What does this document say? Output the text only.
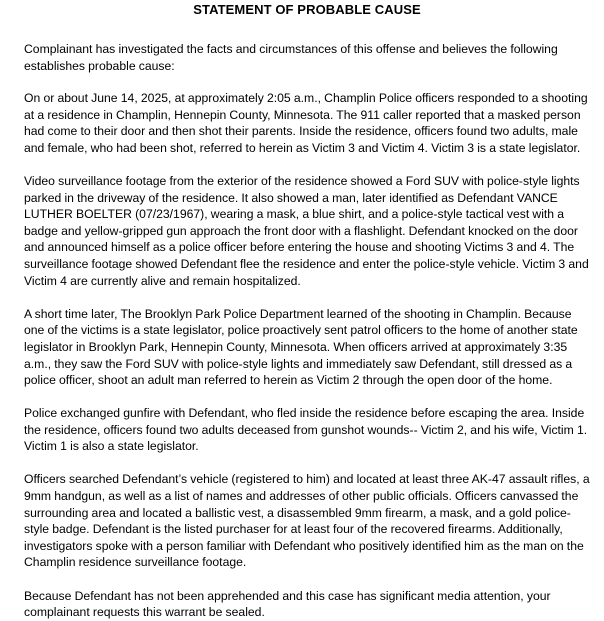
STATEMENT OF PROBABLE CAUSE

Complainant has investigated the facts and circumstances of this offense and believes the following establishes probable cause:

On or about June 14, 2025, at approximately 2:05 a.m., Champlin Police officers responded to a shooting at a residence in Champlin, Hennepin County, Minnesota. The 911 caller reported that a masked person had come to their door and then shot their parents. Inside the residence, officers found two adults, male and female, who had been shot, referred to herein as Victim 3 and Victim 4. Victim 3 is a state legislator.

Video surveillance footage from the exterior of the residence showed a Ford SUV with police-style lights parked in the driveway of the residence. It also showed a man, later identified as Defendant VANCE LUTHER BOELTER (07/23/1967), wearing a mask, a blue shirt, and a police-style tactical vest with a badge and yellow-gripped gun approach the front door with a flashlight. Defendant knocked on the door and announced himself as a police officer before entering the house and shooting Victims 3 and 4. The surveillance footage showed Defendant flee the residence and enter the police-style vehicle. Victim 3 and Victim 4 are currently alive and remain hospitalized.

A short time later, The Brooklyn Park Police Department learned of the shooting in Champlin. Because one of the victims is a state legislator, police proactively sent patrol officers to the home of another state legislator in Brooklyn Park, Hennepin County, Minnesota. When officers arrived at approximately 3:35 a.m., they saw the Ford SUV with police-style lights and immediately saw Defendant, still dressed as a police officer, shoot an adult man referred to herein as Victim 2 through the open door of the home.

Police exchanged gunfire with Defendant, who fled inside the residence before escaping the area. Inside the residence, officers found two adults deceased from gunshot wounds-- Victim 2, and his wife, Victim 1. Victim 1 is also a state legislator.

Officers searched Defendant’s vehicle (registered to him) and located at least three AK-47 assault rifles, a 9mm handgun, as well as a list of names and addresses of other public officials. Officers canvassed the surrounding area and located a ballistic vest, a disassembled 9mm firearm, a mask, and a gold police-style badge. Defendant is the listed purchaser for at least four of the recovered firearms. Additionally, investigators spoke with a person familiar with Defendant who positively identified him as the man on the Champlin residence surveillance footage.

Because Defendant has not been apprehended and this case has significant media attention, your complainant requests this warrant be sealed.
